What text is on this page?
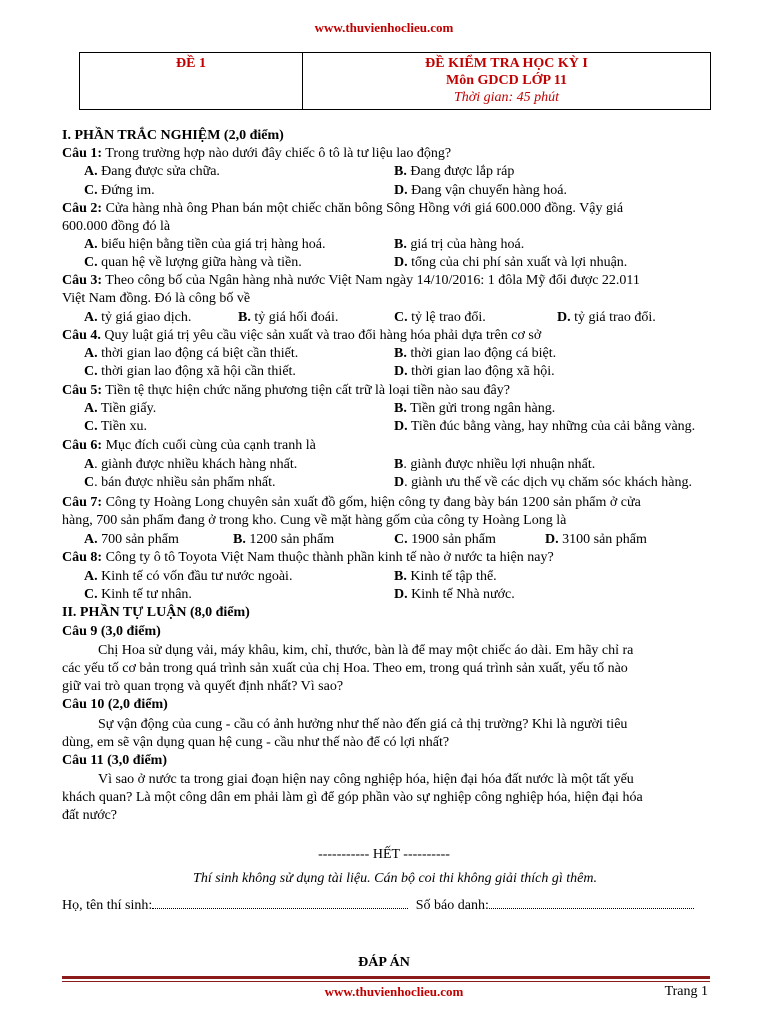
www.thuvienhoclieu.com
ĐỀ 1	ĐỀ KIỂM TRA HỌC KỲ I
Môn GDCD LỚP 11
Thời gian: 45 phút
I. PHẦN TRẮC NGHIỆM (2,0 điểm)
Câu 1: Trong trường hợp nào dưới đây chiếc ô tô là tư liệu lao động?
A. Đang được sửa chữa.	B. Đang được lắp ráp
C. Đứng im.	D. Đang vận chuyển hàng hoá.
Câu 2: Cửa hàng nhà ông Phan bán một chiếc chăn bông Sông Hồng với giá 600.000 đồng. Vậy giá
600.000 đồng đó là
A. biểu hiện bằng tiền của giá trị hàng hoá.	B. giá trị của hàng hoá.
C. quan hệ về lượng giữa hàng và tiền.	D. tổng của chi phí sản xuất và lợi nhuận.
Câu 3: Theo công bố của Ngân hàng nhà nước Việt Nam ngày 14/10/2016: 1 đôla Mỹ đổi được 22.011
Việt Nam đồng. Đó là công bố về
A. tỷ giá giao dịch.	B. tỷ giá hối đoái.	C. tỷ lệ trao đổi.	D. tỷ giá trao đổi.
Câu 4. Quy luật giá trị yêu cầu việc sản xuất và trao đổi hàng hóa phải dựa trên cơ sở
A. thời gian lao động cá biệt cần thiết.	B. thời gian lao động cá biệt.
C. thời gian lao động xã hội cần thiết.	D. thời gian lao động xã hội.
Câu 5: Tiền tệ thực hiện chức năng phương tiện cất trữ là loại tiền nào sau đây?
A. Tiền giấy.	B. Tiền gửi trong ngân hàng.
C. Tiền xu.	D. Tiền đúc bằng vàng, hay những của cải bằng vàng.
Câu 6: Mục đích cuối cùng của cạnh tranh là
A. giành được nhiều khách hàng nhất.	B. giành được nhiều lợi nhuận nhất.
C. bán được nhiều sản phẩm nhất.	D. giành ưu thế về các dịch vụ chăm sóc khách hàng.
Câu 7: Công ty Hoàng Long chuyên sản xuất đồ gốm, hiện công ty đang bày bán 1200 sản phẩm ở cửa
hàng, 700 sản phẩm đang ở trong kho. Cung về mặt hàng gốm của công ty Hoàng Long là
A. 700 sản phẩm	B. 1200 sản phẩm	C. 1900 sản phẩm	D. 3100 sản phẩm
Câu 8: Công ty ô tô Toyota Việt Nam thuộc thành phần kinh tế nào ở nước ta hiện nay?
A. Kinh tế có vốn đầu tư nước ngoài.	B. Kinh tế tập thể.
C. Kinh tế tư nhân.	D. Kinh tế Nhà nước.
II. PHẦN TỰ LUẬN (8,0 điểm)
Câu 9 (3,0 điểm)
Chị Hoa sử dụng vải, máy khâu, kim, chỉ, thước, bàn là để may một chiếc áo dài. Em hãy chỉ ra
các yếu tố cơ bản trong quá trình sản xuất của chị Hoa. Theo em, trong quá trình sản xuất, yếu tố nào
giữ vai trò quan trọng và quyết định nhất? Vì sao?
Câu 10 (2,0 điểm)
Sự vận động của cung - cầu có ảnh hưởng như thế nào đến giá cả thị trường? Khi là người tiêu
dùng, em sẽ vận dụng quan hệ cung - cầu như thế nào để có lợi nhất?
Câu 11 (3,0 điểm)
Vì sao ở nước ta trong giai đoạn hiện nay công nghiệp hóa, hiện đại hóa đất nước là một tất yếu
khách quan? Là một công dân em phải làm gì để góp phần vào sự nghiệp công nghiệp hóa, hiện đại hóa
đất nước?
----------- HẾT ----------
Thí sinh không sử dụng tài liệu. Cán bộ coi thi không giải thích gì thêm.
Họ, tên thí sinh:	Số báo danh:
ĐÁP ÁN
www.thuvienhoclieu.com	Trang 1
